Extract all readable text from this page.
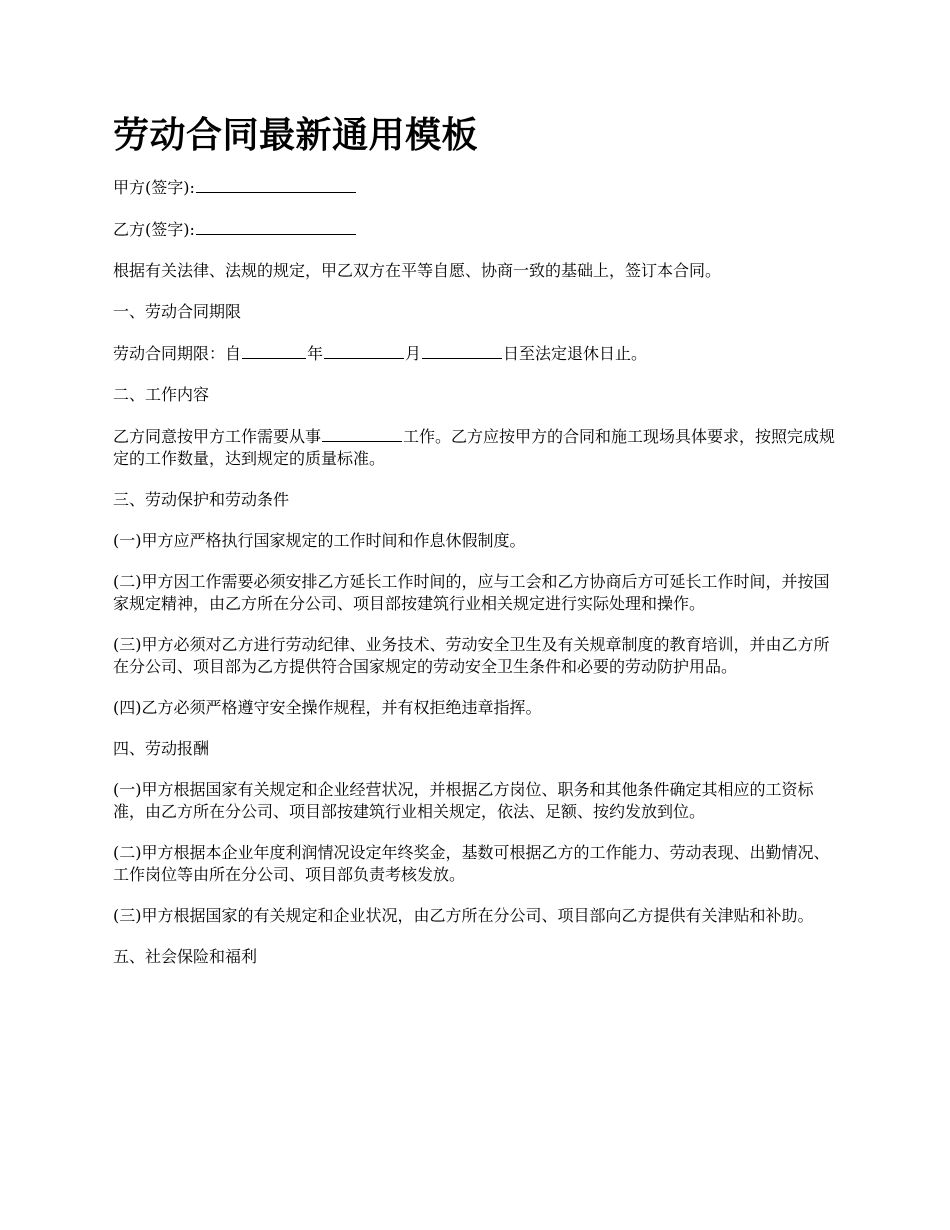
劳动合同最新通用模板

甲方(签字):

乙方(签字):

根据有关法律、法规的规定，甲乙双方在平等自愿、协商一致的基础上，签订本合同。

一、劳动合同期限

劳动合同期限：自	年	月	日至法定退休日止。

二、工作内容

乙方同意按甲方工作需要从事	工作。乙方应按甲方的合同和施工现场具体要求，按照完成规定的工作数量，达到规定的质量标准。

三、劳动保护和劳动条件

(一)甲方应严格执行国家规定的工作时间和作息休假制度。

(二)甲方因工作需要必须安排乙方延长工作时间的，应与工会和乙方协商后方可延长工作时间，并按国家规定精神，由乙方所在分公司、项目部按建筑行业相关规定进行实际处理和操作。

(三)甲方必须对乙方进行劳动纪律、业务技术、劳动安全卫生及有关规章制度的教育培训，并由乙方所在分公司、项目部为乙方提供符合国家规定的劳动安全卫生条件和必要的劳动防护用品。

(四)乙方必须严格遵守安全操作规程，并有权拒绝违章指挥。

四、劳动报酬

(一)甲方根据国家有关规定和企业经营状况，并根据乙方岗位、职务和其他条件确定其相应的工资标准，由乙方所在分公司、项目部按建筑行业相关规定，依法、足额、按约发放到位。

(二)甲方根据本企业年度利润情况设定年终奖金，基数可根据乙方的工作能力、劳动表现、出勤情况、工作岗位等由所在分公司、项目部负责考核发放。

(三)甲方根据国家的有关规定和企业状况，由乙方所在分公司、项目部向乙方提供有关津贴和补助。

五、社会保险和福利
